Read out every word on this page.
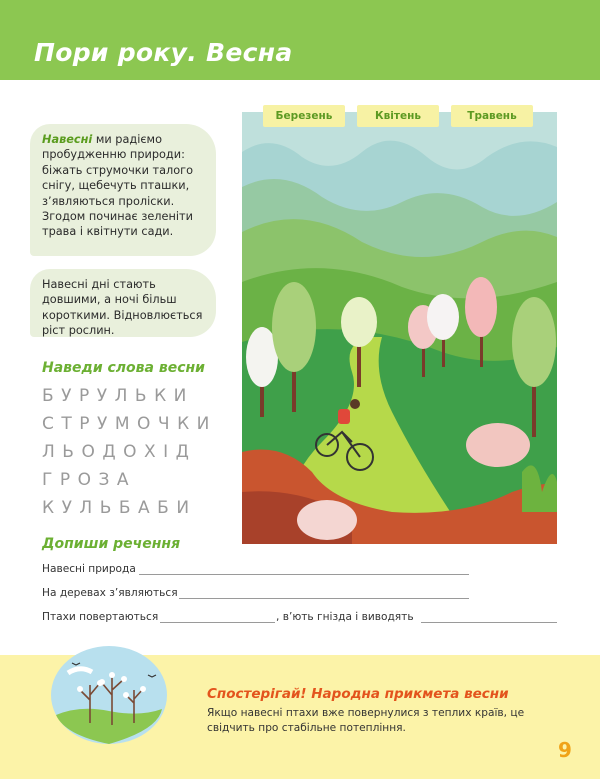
Пори року. Весна
Навесні ми радіємо пробудженню природи: біжать струмочки талого снігу, щебечуть пташки, з’являються проліски. Згодом починає зеленіти трава і квітнути сади.
Навесні дні стають довшими, а ночі більш короткими. Відновлюється ріст рослин.
Березень	Квітень	Травень
Наведи слова весни
БУРУЛЬКИ
СТРУМОЧКИ
ЛЬОДОХІД
ГРОЗА
КУЛЬБАБИ
Допиши речення
Навесні природа
На деревах з’являються
Птахи повертаються	, в’ють гнізда і виводять
Спостерігай! Народна прикмета весни
Якщо навесні птахи вже повернулися з теплих країв, це свідчить про стабільне потепління.
9
